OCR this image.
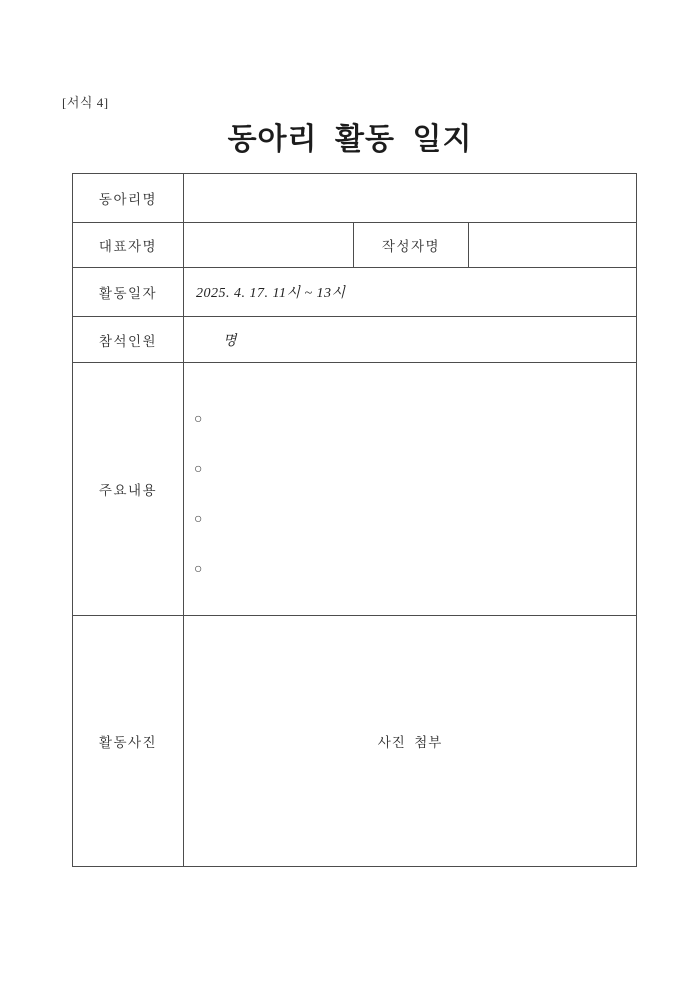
[서식 4]
동아리 활동 일지
동아리명			

대표자명		작성자명	

활동일자	2025. 4. 17. 11시 ~ 13시		

참석인원	명		

주요내용	○
○
○
○		

활동사진	사진 첨부		
